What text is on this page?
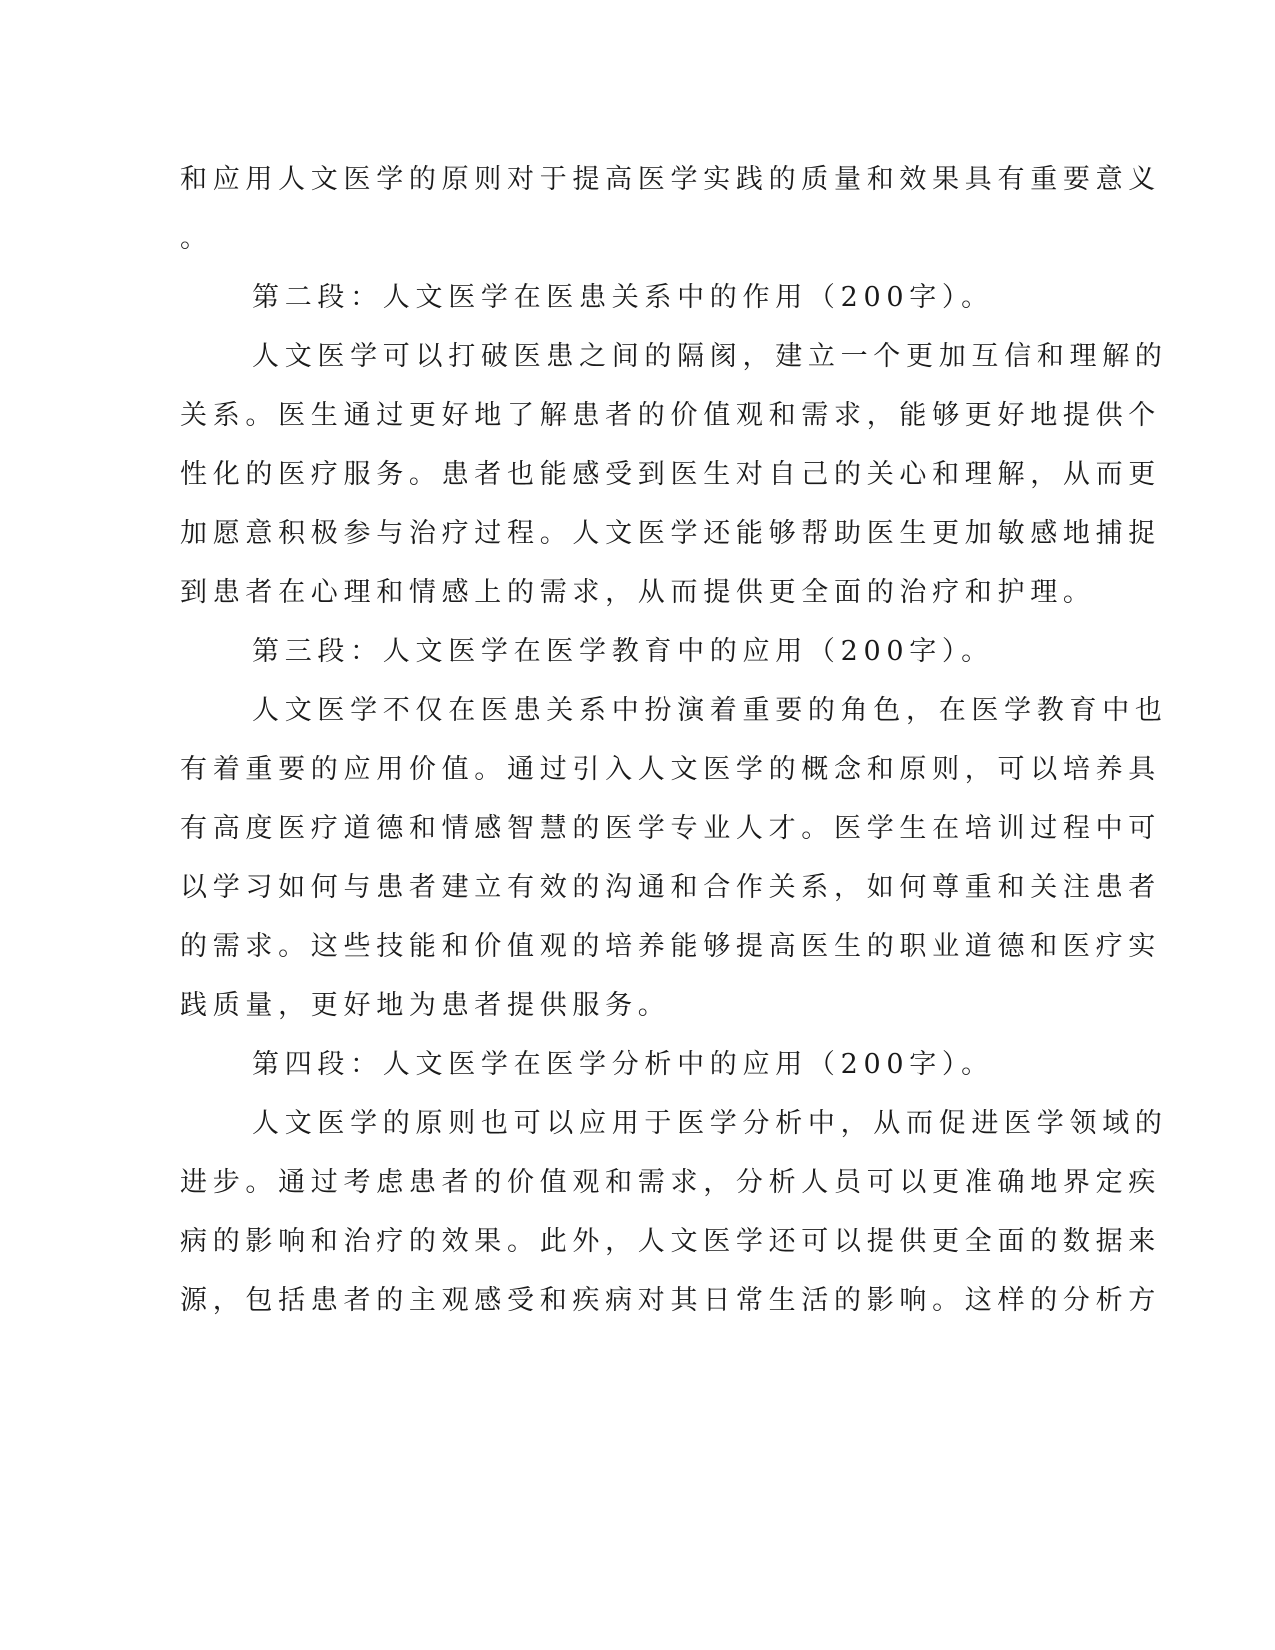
和应用人文医学的原则对于提高医学实践的质量和效果具有重要意义
。
第二段：人文医学在医患关系中的作用（200字）。
人文医学可以打破医患之间的隔阂，建立一个更加互信和理解的
关系。医生通过更好地了解患者的价值观和需求，能够更好地提供个
性化的医疗服务。患者也能感受到医生对自己的关心和理解，从而更
加愿意积极参与治疗过程。人文医学还能够帮助医生更加敏感地捕捉
到患者在心理和情感上的需求，从而提供更全面的治疗和护理。
第三段：人文医学在医学教育中的应用（200字）。
人文医学不仅在医患关系中扮演着重要的角色，在医学教育中也
有着重要的应用价值。通过引入人文医学的概念和原则，可以培养具
有高度医疗道德和情感智慧的医学专业人才。医学生在培训过程中可
以学习如何与患者建立有效的沟通和合作关系，如何尊重和关注患者
的需求。这些技能和价值观的培养能够提高医生的职业道德和医疗实
践质量，更好地为患者提供服务。
第四段：人文医学在医学分析中的应用（200字）。
人文医学的原则也可以应用于医学分析中，从而促进医学领域的
进步。通过考虑患者的价值观和需求，分析人员可以更准确地界定疾
病的影响和治疗的效果。此外，人文医学还可以提供更全面的数据来
源，包括患者的主观感受和疾病对其日常生活的影响。这样的分析方
